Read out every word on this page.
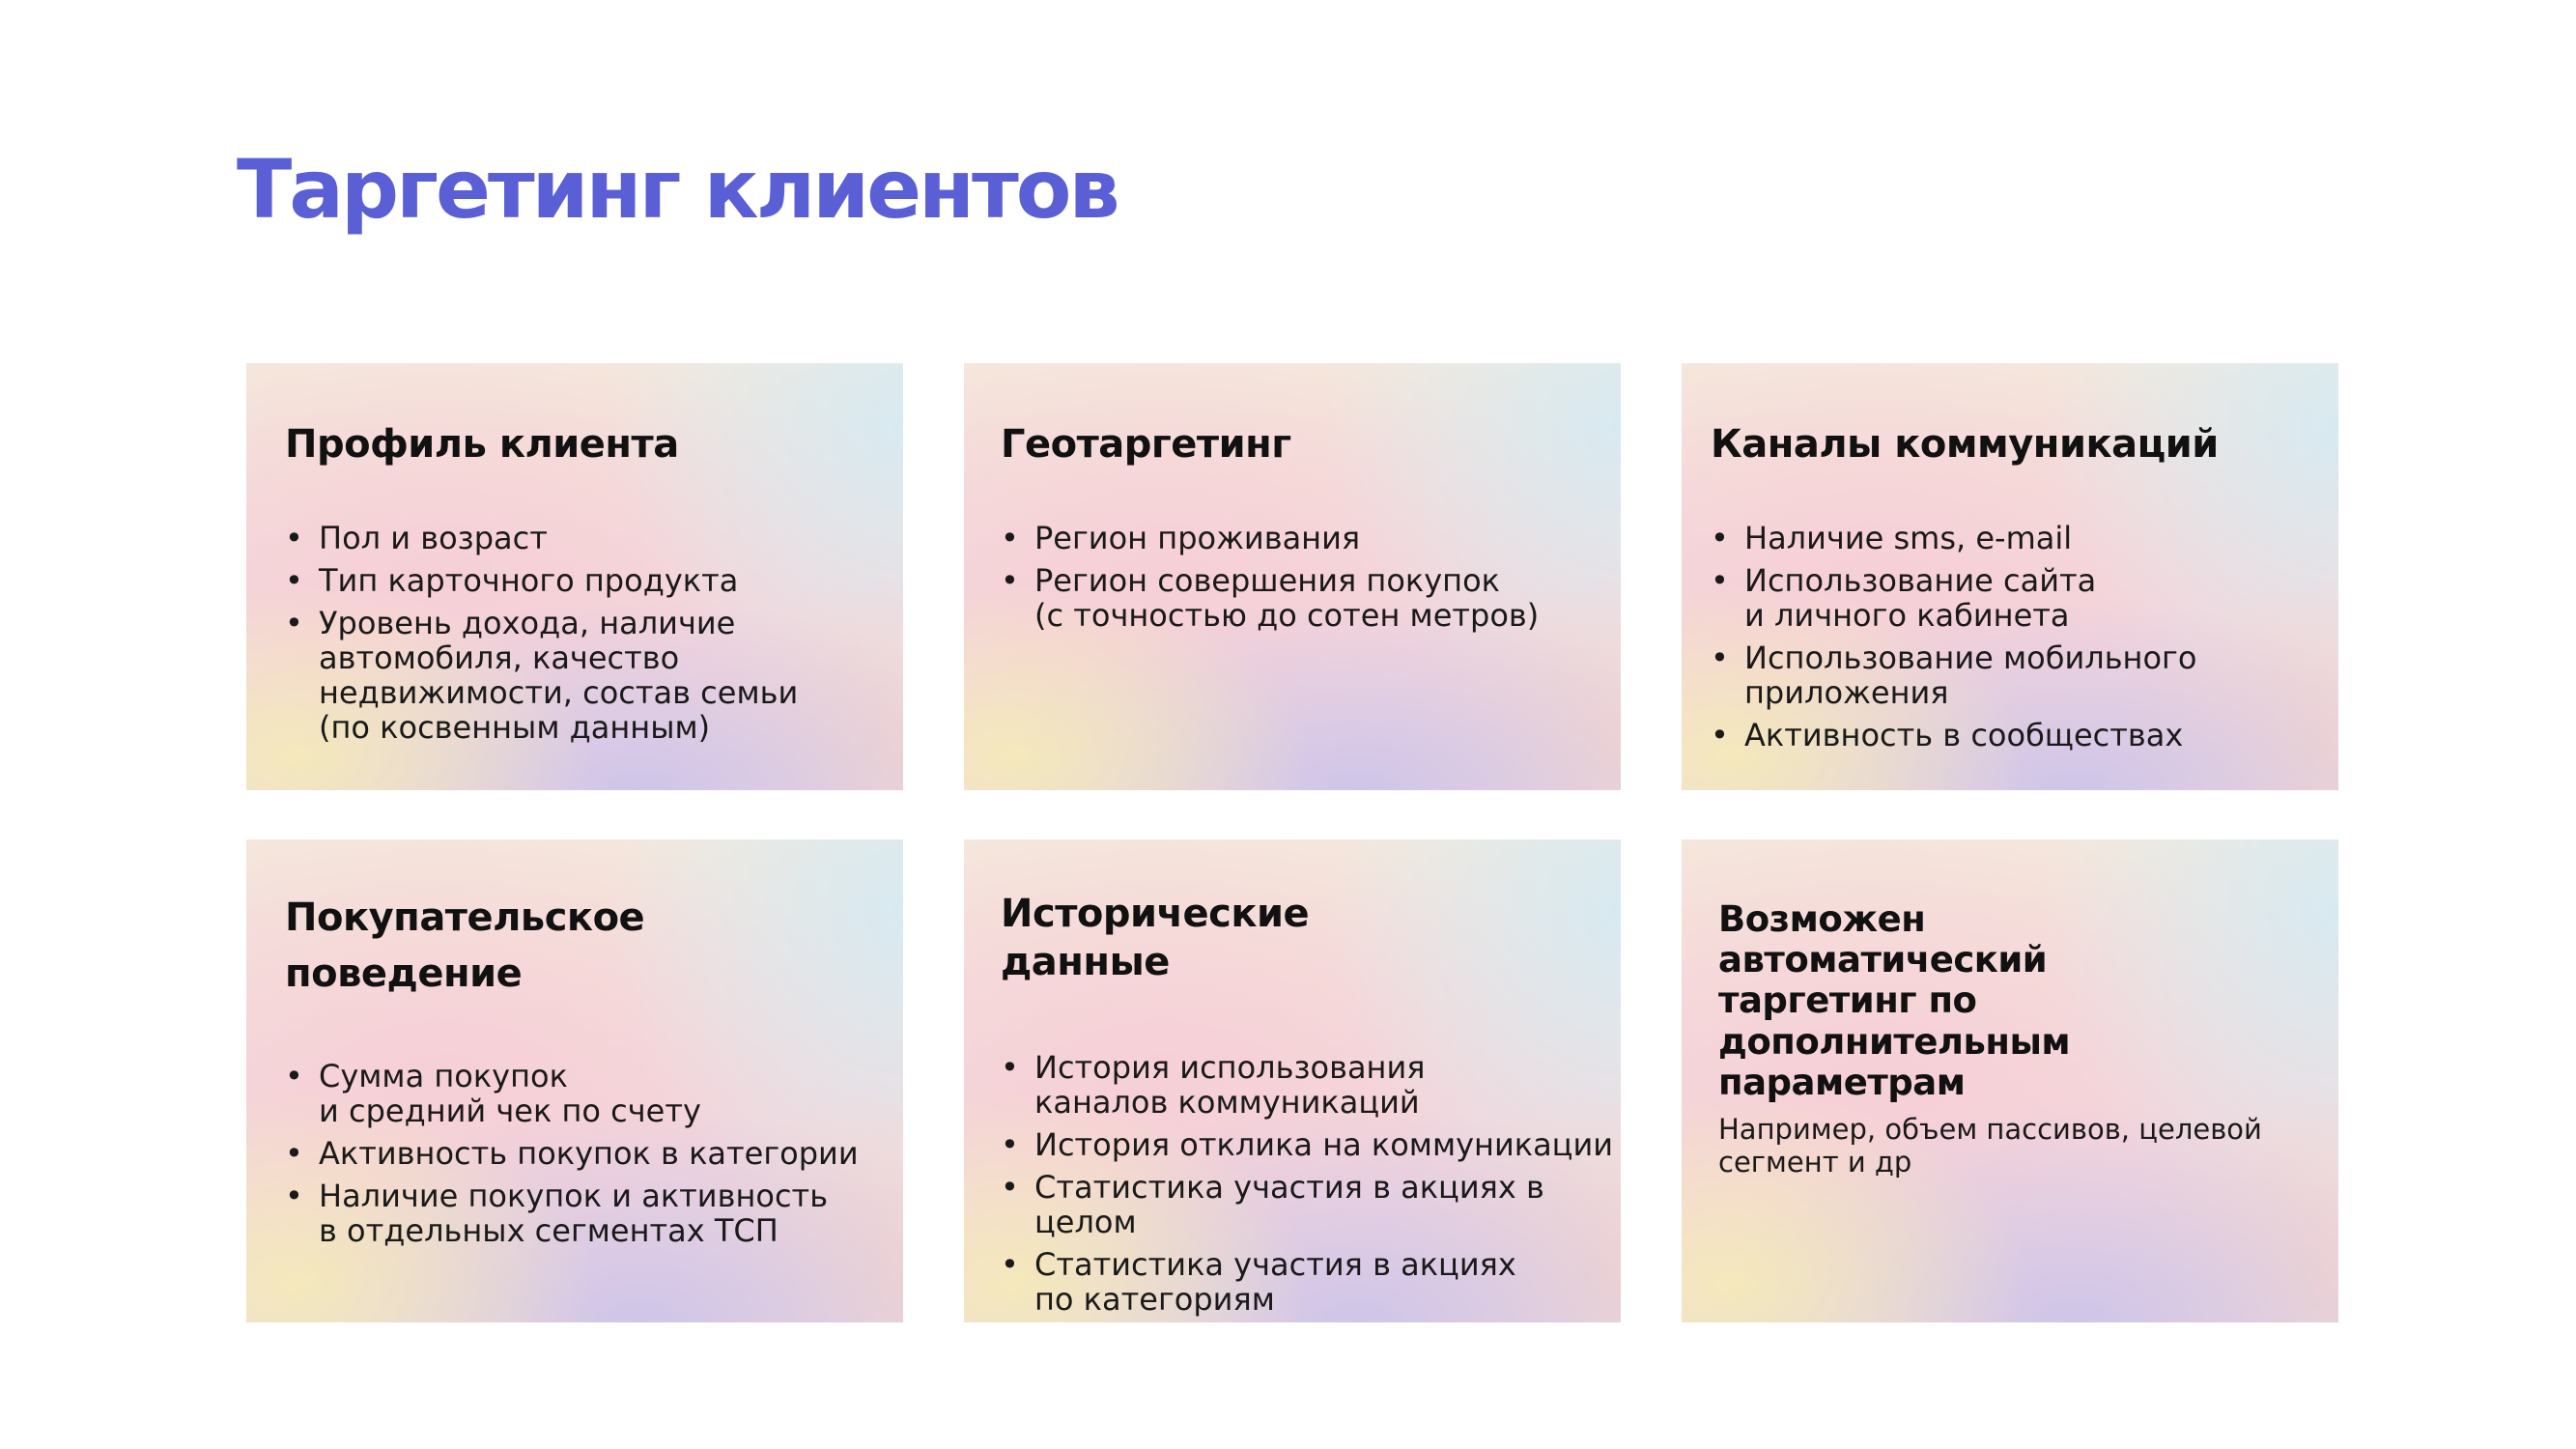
Таргетинг клиентов
Профиль клиента
• Пол и возраст
• Тип карточного продукта
• Уровень дохода, наличие
автомобиля, качество
недвижимости, состав семьи
(по косвенным данным)
Геотаргетинг
• Регион проживания
• Регион совершения покупок
(с точностью до сотен метров)
Каналы коммуникаций
• Наличие sms, e-mail
• Использование сайта
и личного кабинета
• Использование мобильного
приложения
• Активность в сообществах
Покупательское
поведение
• Сумма покупок
и средний чек по счету
• Активность покупок в категории
• Наличие покупок и активность
в отдельных сегментах ТСП
Исторические
данные
• История использования
каналов коммуникаций
• История отклика на коммуникации
• Статистика участия в акциях в целом
• Статистика участия в акциях
по категориям
Возможен
автоматический
таргетинг по дополнительным
параметрам

Например, объем пассивов, целевой
сегмент и др
